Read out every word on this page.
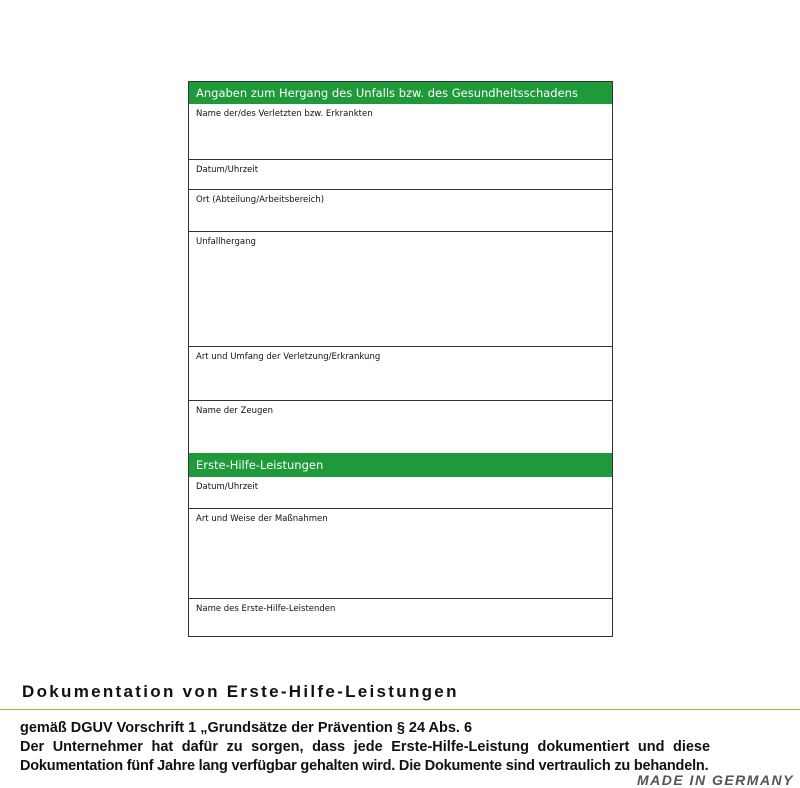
Angaben zum Hergang des Unfalls bzw. des Gesundheitsschadens
Name der/des Verletzten bzw. Erkrankten
Datum/Uhrzeit
Ort (Abteilung/Arbeitsbereich)
Unfallhergang
Art und Umfang der Verletzung/Erkrankung
Name der Zeugen
Erste-Hilfe-Leistungen
Datum/Uhrzeit
Art und Weise der Maßnahmen
Name des Erste-Hilfe-Leistenden
Dokumentation von Erste-Hilfe-Leistungen
gemäß DGUV Vorschrift 1 „Grundsätze der Prävention § 24 Abs. 6
Der Unternehmer hat dafür zu sorgen, dass jede Erste-Hilfe-Leistung dokumentiert und diese
Dokumentation fünf Jahre lang verfügbar gehalten wird. Die Dokumente sind vertraulich zu behandeln.
MADE IN GERMANY
